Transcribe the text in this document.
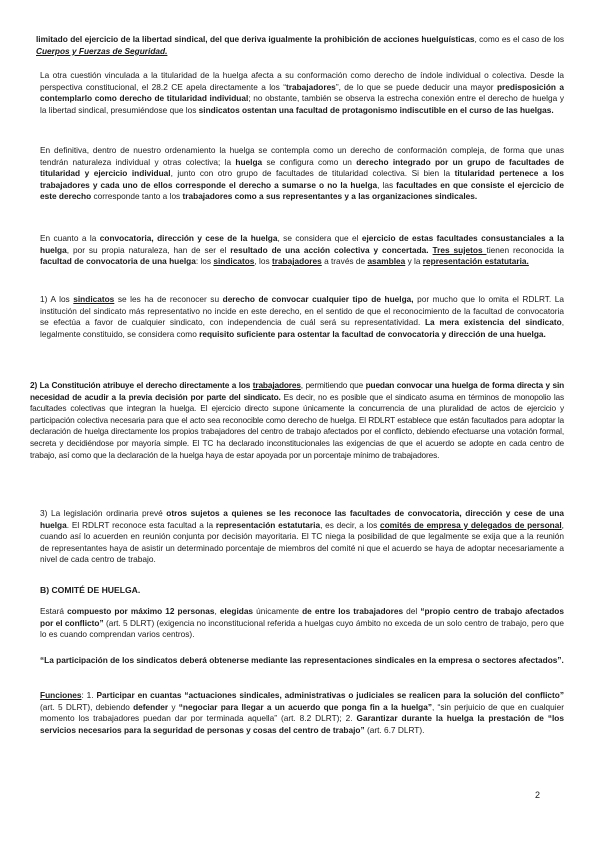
limitado del ejercicio de la libertad sindical, del que deriva igualmente la prohibición de acciones huelguísticas, como es el caso de los Cuerpos y Fuerzas de Seguridad.

La otra cuestión vinculada a la titularidad de la huelga afecta a su conformación como derecho de índole individual o colectiva. Desde la perspectiva constitucional, el 28.2 CE apela directamente a los “trabajadores”, de lo que se puede deducir una mayor predisposición a contemplarlo como derecho de titularidad individual; no obstante, también se observa la estrecha conexión entre el derecho de huelga y la libertad sindical, presumiéndose que los sindicatos ostentan una facultad de protagonismo indiscutible en el curso de las huelgas.

En definitiva, dentro de nuestro ordenamiento la huelga se contempla como un derecho de conformación compleja, de forma que unas tendrán naturaleza individual y otras colectiva; la huelga se configura como un derecho integrado por un grupo de facultades de titularidad y ejercicio individual, junto con otro grupo de facultades de titularidad colectiva. Si bien la titularidad pertenece a los trabajadores y cada uno de ellos corresponde el derecho a sumarse o no la huelga, las facultades en que consiste el ejercicio de este derecho corresponde tanto a los trabajadores como a sus representantes y a las organizaciones sindicales.

En cuanto a la convocatoria, dirección y cese de la huelga, se considera que el ejercicio de estas facultades consustanciales a la huelga, por su propia naturaleza, han de ser el resultado de una acción colectiva y concertada. Tres sujetos tienen reconocida la facultad de convocatoria de una huelga: los sindicatos, los trabajadores a través de asamblea y la representación estatutaria.

1) A los sindicatos se les ha de reconocer su derecho de convocar cualquier tipo de huelga, por mucho que lo omita el RDLRT. La institución del sindicato más representativo no incide en este derecho, en el sentido de que el reconocimiento de la facultad de convocatoria se efectúa a favor de cualquier sindicato, con independencia de cuál será su representatividad. La mera existencia del sindicato, legalmente constituido, se considera como requisito suficiente para ostentar la facultad de convocatoria y dirección de una huelga.

2) La Constitución atribuye el derecho directamente a los trabajadores, permitiendo que puedan convocar una huelga de forma directa y sin necesidad de acudir a la previa decisión por parte del sindicato. Es decir, no es posible que el sindicato asuma en términos de monopolio las facultades colectivas que integran la huelga. El ejercicio directo supone únicamente la concurrencia de una pluralidad de actos de ejercicio y participación colectiva necesaria para que el acto sea reconocible como derecho de huelga. El RDLRT establece que están facultados para adoptar la declaración de huelga directamente los propios trabajadores del centro de trabajo afectados por el conflicto, debiendo efectuarse una votación formal, secreta y decidiéndose por mayoría simple. El TC ha declarado inconstitucionales las exigencias de que el acuerdo se adopte en cada centro de trabajo, así como que la declaración de la huelga haya de estar apoyada por un porcentaje mínimo de trabajadores.

3) La legislación ordinaria prevé otros sujetos a quienes se les reconoce las facultades de convocatoria, dirección y cese de una huelga. El RDLRT reconoce esta facultad a la representación estatutaria, es decir, a los comités de empresa y delegados de personal, cuando así lo acuerden en reunión conjunta por decisión mayoritaria. El TC niega la posibilidad de que legalmente se exija que a la reunión de representantes haya de asistir un determinado porcentaje de miembros del comité ni que el acuerdo se haya de adoptar necesariamente a nivel de cada centro de trabajo.

B) COMITÉ DE HUELGA.

Estará compuesto por máximo 12 personas, elegidas únicamente de entre los trabajadores del “propio centro de trabajo afectados por el conflicto” (art. 5 DLRT) (exigencia no inconstitucional referida a huelgas cuyo ámbito no exceda de un solo centro de trabajo, pero que lo es cuando comprendan varios centros).

“La participación de los sindicatos deberá obtenerse mediante las representaciones sindicales en la empresa o sectores afectados”.

Funciones: 1. Participar en cuantas “actuaciones sindicales, administrativas o judiciales se realicen para la solución del conflicto” (art. 5 DLRT), debiendo defender y “negociar para llegar a un acuerdo que ponga fin a la huelga”, “sin perjuicio de que en cualquier momento los trabajadores puedan dar por terminada aquella” (art. 8.2 DLRT); 2. Garantizar durante la huelga la prestación de “los servicios necesarios para la seguridad de personas y cosas del centro de trabajo” (art. 6.7 DLRT).

2
